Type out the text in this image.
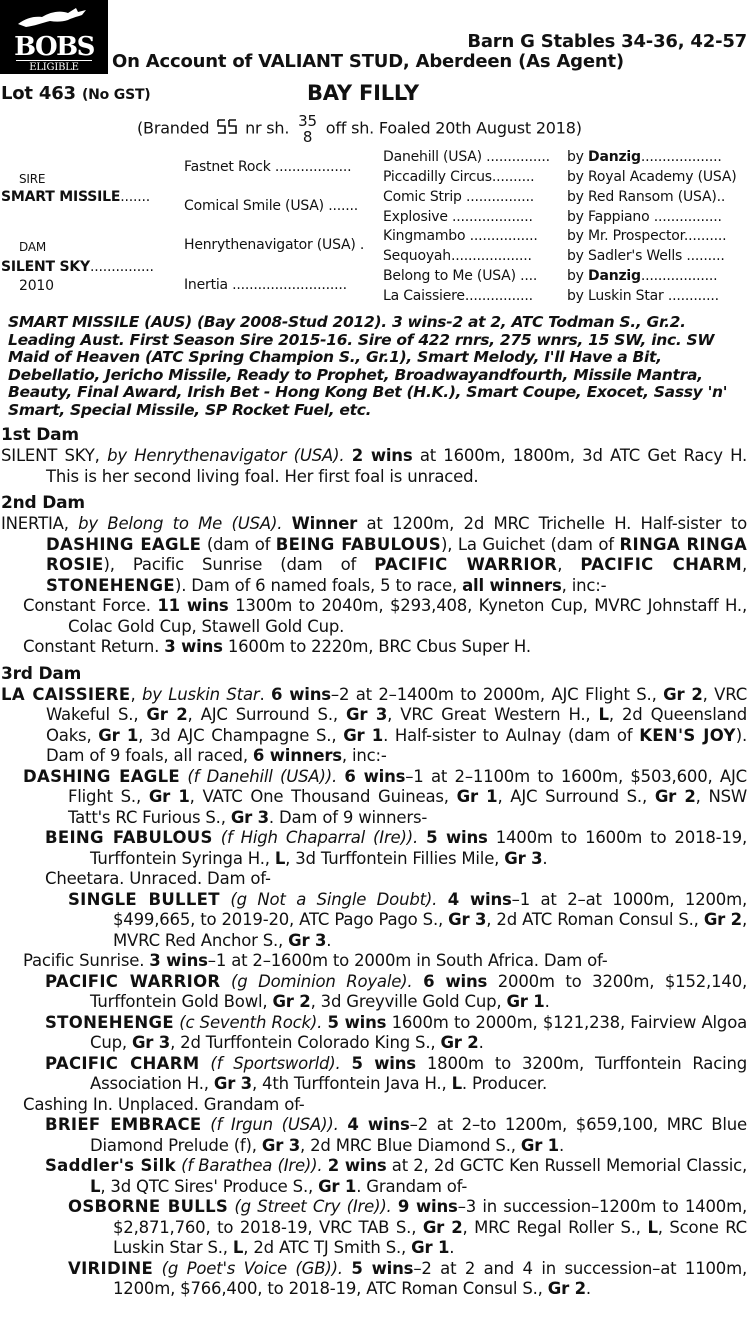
BOBS
ELIGIBLE
Barn G Stables 34-36, 42-57
On Account of VALIANT STUD, Aberdeen (As Agent)
Lot 463 (No GST)	BAY FILLY
(Branded nr sh. 35
8 off sh. Foaled 20th August 2018)
SIRE
SMART MISSILE.......
DAM
SILENT SKY...............
2010
Fastnet Rock ..................
Comical Smile (USA) .......
Henrythenavigator (USA) .
Inertia ...........................
Danehill (USA) ...............
Piccadilly Circus..........
Comic Strip ................
Explosive ...................
Kingmambo ................
Sequoyah...................
Belong to Me (USA) ....
La Caissiere................
by Danzig...................
by Royal Academy (USA)
by Red Ransom (USA)..
by Fappiano ................
by Mr. Prospector..........
by Sadler's Wells .........
by Danzig..................
by Luskin Star ............
SMART MISSILE (AUS) (Bay 2008-Stud 2012). 3 wins-2 at 2, ATC Todman S., Gr.2. Leading Aust. First Season Sire 2015-16. Sire of 422 rnrs, 275 wnrs, 15 SW, inc. SW Maid of Heaven (ATC Spring Champion S., Gr.1), Smart Melody, I'll Have a Bit, Debellatio, Jericho Missile, Ready to Prophet, Broadwayandfourth, Missile Mantra, Beauty, Final Award, Irish Bet - Hong Kong Bet (H.K.), Smart Coupe, Exocet, Sassy 'n' Smart, Special Missile, SP Rocket Fuel, etc.
1st Dam
SILENT SKY, by Henrythenavigator (USA). 2 wins at 1600m, 1800m, 3d ATC Get Racy H. This is her second living foal. Her first foal is unraced.
2nd Dam
INERTIA, by Belong to Me (USA). Winner at 1200m, 2d MRC Trichelle H. Half-sister to DASHING EAGLE (dam of BEING FABULOUS), La Guichet (dam of RINGA RINGA ROSIE), Pacific Sunrise (dam of PACIFIC WARRIOR, PACIFIC CHARM, STONEHENGE). Dam of 6 named foals, 5 to race, all winners, inc:-
Constant Force. 11 wins 1300m to 2040m, $293,408, Kyneton Cup, MVRC Johnstaff H., Colac Gold Cup, Stawell Gold Cup.
Constant Return. 3 wins 1600m to 2220m, BRC Cbus Super H.
3rd Dam
LA CAISSIERE, by Luskin Star. 6 wins–2 at 2–1400m to 2000m, AJC Flight S., Gr 2, VRC Wakeful S., Gr 2, AJC Surround S., Gr 3, VRC Great Western H., L, 2d Queensland Oaks, Gr 1, 3d AJC Champagne S., Gr 1. Half-sister to Aulnay (dam of KEN'S JOY). Dam of 9 foals, all raced, 6 winners, inc:-
DASHING EAGLE (f Danehill (USA)). 6 wins–1 at 2–1100m to 1600m, $503,600, AJC Flight S., Gr 1, VATC One Thousand Guineas, Gr 1, AJC Surround S., Gr 2, NSW Tatt's RC Furious S., Gr 3. Dam of 9 winners-
BEING FABULOUS (f High Chaparral (Ire)). 5 wins 1400m to 1600m to 2018-19, Turffontein Syringa H., L, 3d Turffontein Fillies Mile, Gr 3.
Cheetara. Unraced. Dam of-
SINGLE BULLET (g Not a Single Doubt). 4 wins–1 at 2–at 1000m, 1200m, $499,665, to 2019-20, ATC Pago Pago S., Gr 3, 2d ATC Roman Consul S., Gr 2, MVRC Red Anchor S., Gr 3.
Pacific Sunrise. 3 wins–1 at 2–1600m to 2000m in South Africa. Dam of-
PACIFIC WARRIOR (g Dominion Royale). 6 wins 2000m to 3200m, $152,140, Turffontein Gold Bowl, Gr 2, 3d Greyville Gold Cup, Gr 1.
STONEHENGE (c Seventh Rock). 5 wins 1600m to 2000m, $121,238, Fairview Algoa Cup, Gr 3, 2d Turffontein Colorado King S., Gr 2.
PACIFIC CHARM (f Sportsworld). 5 wins 1800m to 3200m, Turffontein Racing Association H., Gr 3, 4th Turffontein Java H., L. Producer.
Cashing In. Unplaced. Grandam of-
BRIEF EMBRACE (f Irgun (USA)). 4 wins–2 at 2–to 1200m, $659,100, MRC Blue Diamond Prelude (f), Gr 3, 2d MRC Blue Diamond S., Gr 1.
Saddler's Silk (f Barathea (Ire)). 2 wins at 2, 2d GCTC Ken Russell Memorial Classic, L, 3d QTC Sires' Produce S., Gr 1. Grandam of-
OSBORNE BULLS (g Street Cry (Ire)). 9 wins–3 in succession–1200m to 1400m, $2,871,760, to 2018-19, VRC TAB S., Gr 2, MRC Regal Roller S., L, Scone RC Luskin Star S., L, 2d ATC TJ Smith S., Gr 1.
VIRIDINE (g Poet's Voice (GB)). 5 wins–2 at 2 and 4 in succession–at 1100m, 1200m, $766,400, to 2018-19, ATC Roman Consul S., Gr 2.
